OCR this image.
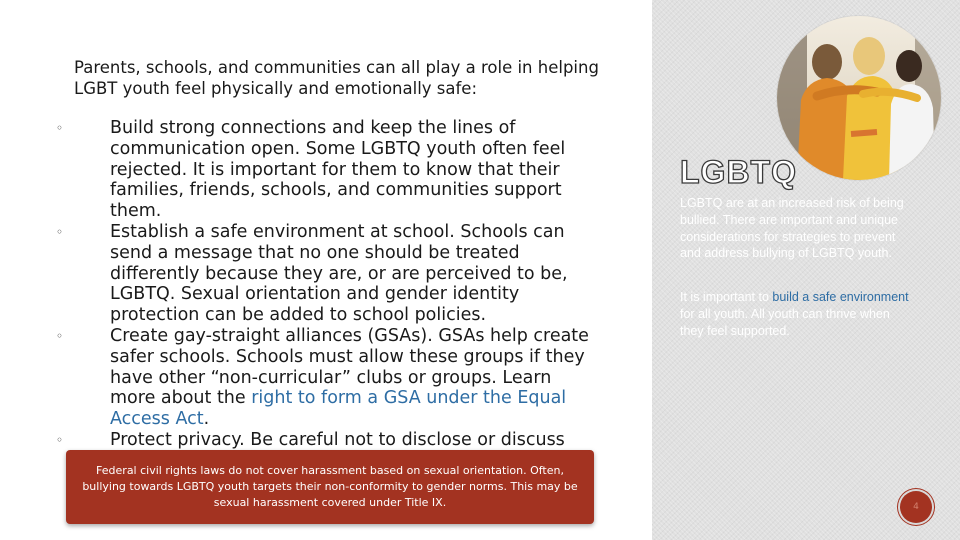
Parents, schools, and communities can all play a role in helping LGBT youth feel physically and emotionally safe:
◦	Build strong connections and keep the lines of communication open. Some LGBTQ youth often feel rejected. It is important for them to know that their families, friends, schools, and communities support them.
◦	Establish a safe environment at school. Schools can send a message that no one should be treated differently because they are, or are perceived to be, LGBTQ. Sexual orientation and gender identity protection can be added to school policies.
◦	Create gay-straight alliances (GSAs). GSAs help create safer schools. Schools must allow these groups if they have other “non-curricular” clubs or groups. Learn more about the right to form a GSA under the Equal Access Act.
◦	Protect privacy. Be careful not to disclose or discuss
Federal civil rights laws do not cover harassment based on sexual orientation. Often, bullying towards LGBTQ youth targets their non-conformity to gender norms. This may be sexual harassment covered under Title IX.
LGBTQ
LGBTQ are at an increased risk of being bullied. There are important and unique considerations for strategies to prevent and address bullying of LGBTQ youth.
It is important to build a safe environment for all youth. All youth can thrive when they feel supported.
4
